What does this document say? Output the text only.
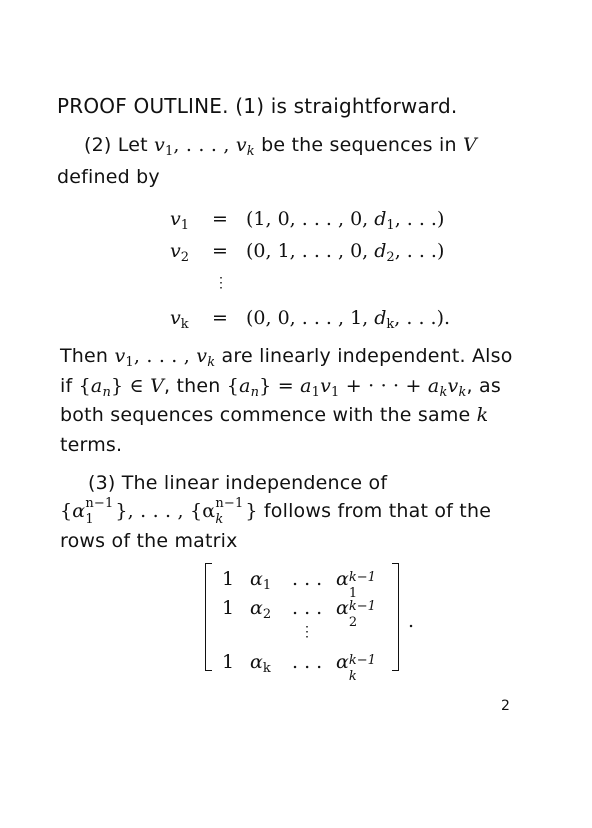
PROOF OUTLINE. (1) is straightforward.
(2) Let $v_1$, . . . , $v_k$ be the sequences in V
defined by
$v_1 = (1$, 0, . . . , 0, $d_1$, . . .)
$v_2 = (0$, 1, . . . , 0, $d_2$, . . .)
⋮
$v_k = (0$, 0, . . . , 1, $d_k$, . . .).
Then $v_1$, . . . , $v_k$ are linearly independent. Also
if $\{a_n\}$ ∈ V, then $\{a_n\} = a_1v_1$ + · · · + $a_kv_k$, as
both sequences commence with the same k
terms.
(3) The linear independence of
{α n−1
1 }, . . . , {α n−1
k } follows from that of the
rows of the matrix
1 $\alpha_1$ . . . α k−1
1
1 $\alpha_2$ . . . α k−1
2
⋮
1 $\alpha_k$ . . . α k−1
k
.
2
